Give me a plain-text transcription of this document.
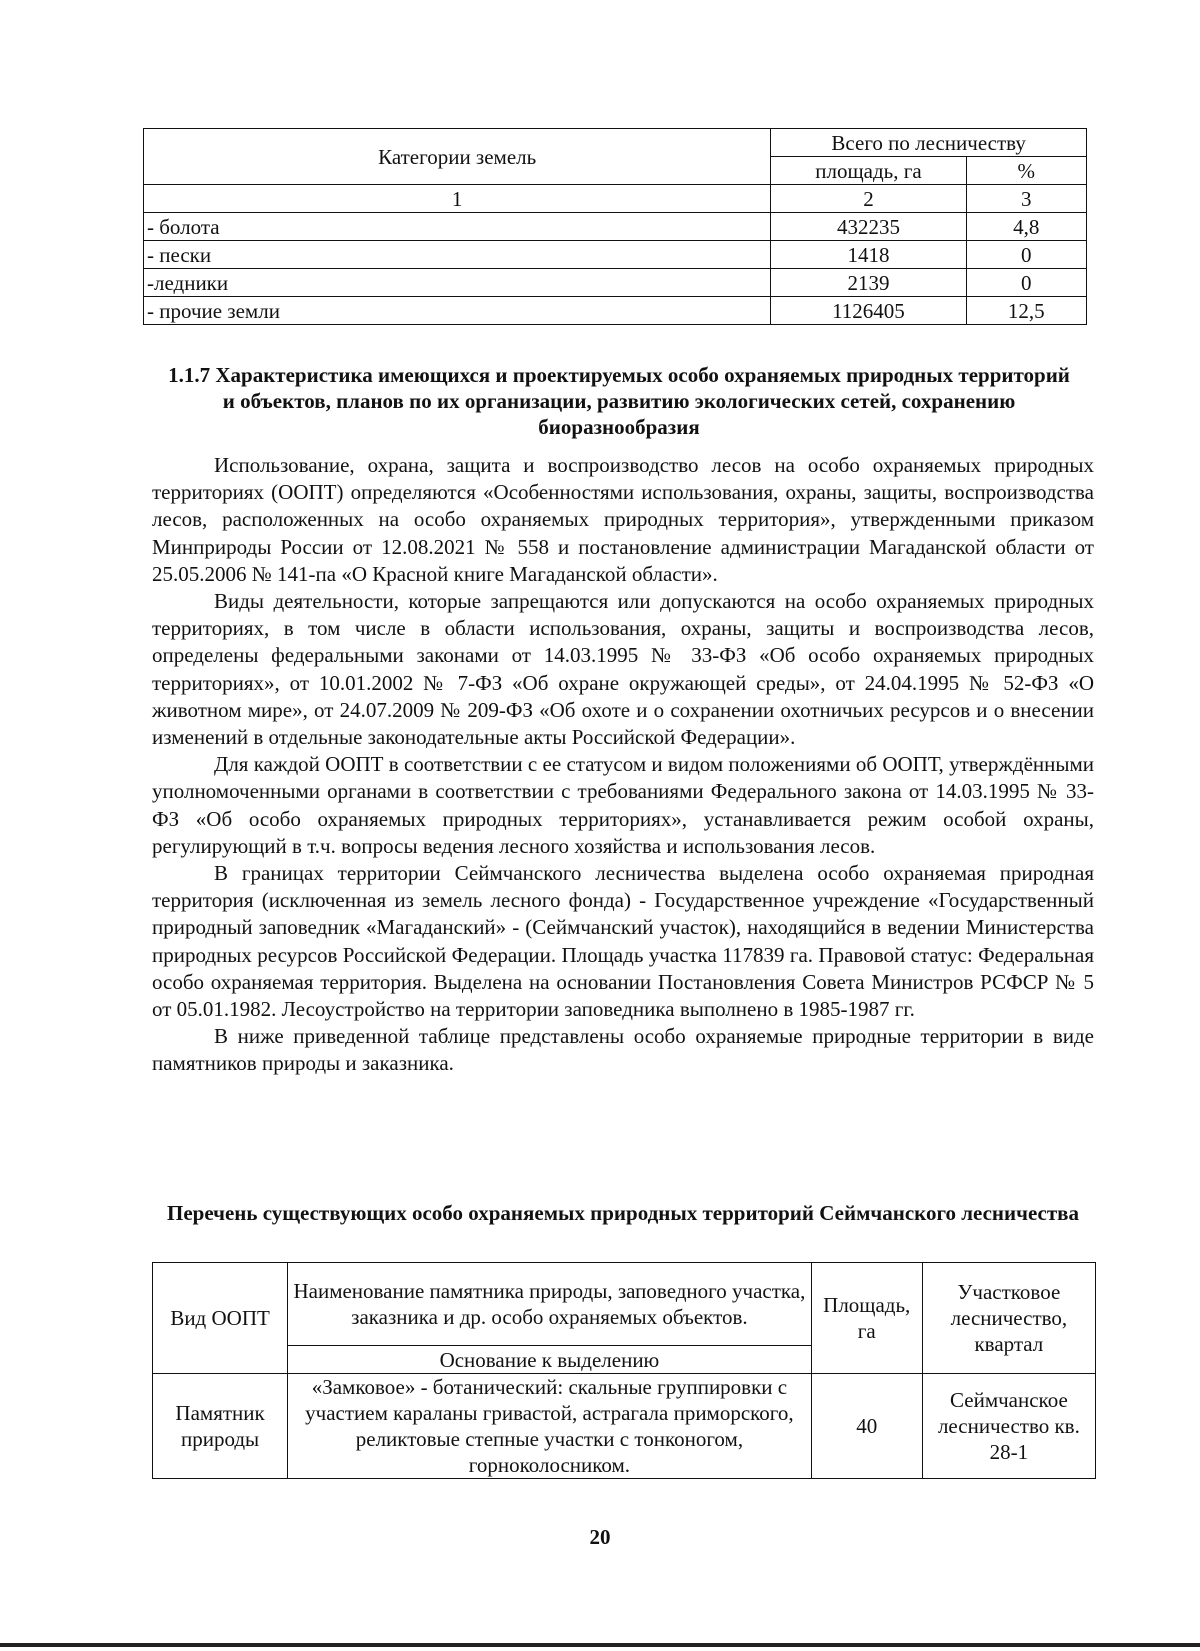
Категории земель	Всего по лесничеству	
	площадь, га	%
1	2	3
- болота	432235	4,8
- пески	1418	0
-ледники	2139	0
- прочие земли	1126405	12,5
1.1.7 Характеристика имеющихся и проектируемых особо охраняемых природных территорий и объектов, планов по их организации, развитию экологических сетей, сохранению биоразнообразия

Использование, охрана, защита и воспроизводство лесов на особо охраняемых природных территориях (ООПТ) определяются «Особенностями использования, охраны, защиты, воспроизводства лесов, расположенных на особо охраняемых природных территория», утвержденными приказом Минприроды России от 12.08.2021 № 558 и постановление администрации Магаданской области от 25.05.2006 № 141-па «О Красной книге Магаданской области».

Виды деятельности, которые запрещаются или допускаются на особо охраняемых природных территориях, в том числе в области использования, охраны, защиты и воспроизводства лесов, определены федеральными законами от 14.03.1995 № 33-ФЗ «Об особо охраняемых природных территориях», от 10.01.2002 № 7-ФЗ «Об охране окружающей среды», от 24.04.1995 № 52-ФЗ «О животном мире», от 24.07.2009 № 209-ФЗ «Об охоте и о сохранении охотничьих ресурсов и о внесении изменений в отдельные законодательные акты Российской Федерации».

Для каждой ООПТ в соответствии с ее статусом и видом положениями об ООПТ, утверждёнными уполномоченными органами в соответствии с требованиями Федерального закона от 14.03.1995 № 33-ФЗ «Об особо охраняемых природных территориях», устанавливается режим особой охраны, регулирующий в т.ч. вопросы ведения лесного хозяйства и использования лесов.

В границах территории Сеймчанского лесничества выделена особо охраняемая природная территория (исключенная из земель лесного фонда) - Государственное учреждение «Государственный природный заповедник «Магаданский» - (Сеймчанский участок), находящийся в ведении Министерства природных ресурсов Российской Федерации. Площадь участка 117839 га. Правовой статус: Федеральная особо охраняемая территория. Выделена на основании Постановления Совета Министров РСФСР № 5 от 05.01.1982. Лесоустройство на территории заповедника выполнено в 1985-1987 гг.

В ниже приведенной таблице представлены особо охраняемые природные территории в виде памятников природы и заказника.

Перечень существующих особо охраняемых природных территорий Сеймчанского лесничества
Вид ООПТ	Наименование памятника природы, заповедного участка, заказника и др. особо охраняемых объектов.	Площадь, га	Участковое лесничество, квартал
	Основание к выделению		
Памятник природы	«Замковое» - ботанический: скальные группировки с участием караланы гривастой, астрагала приморского, реликтовые степные участки с тонконогом, горноколосником.	40	Сеймчанское лесничество кв. 28-1
20
